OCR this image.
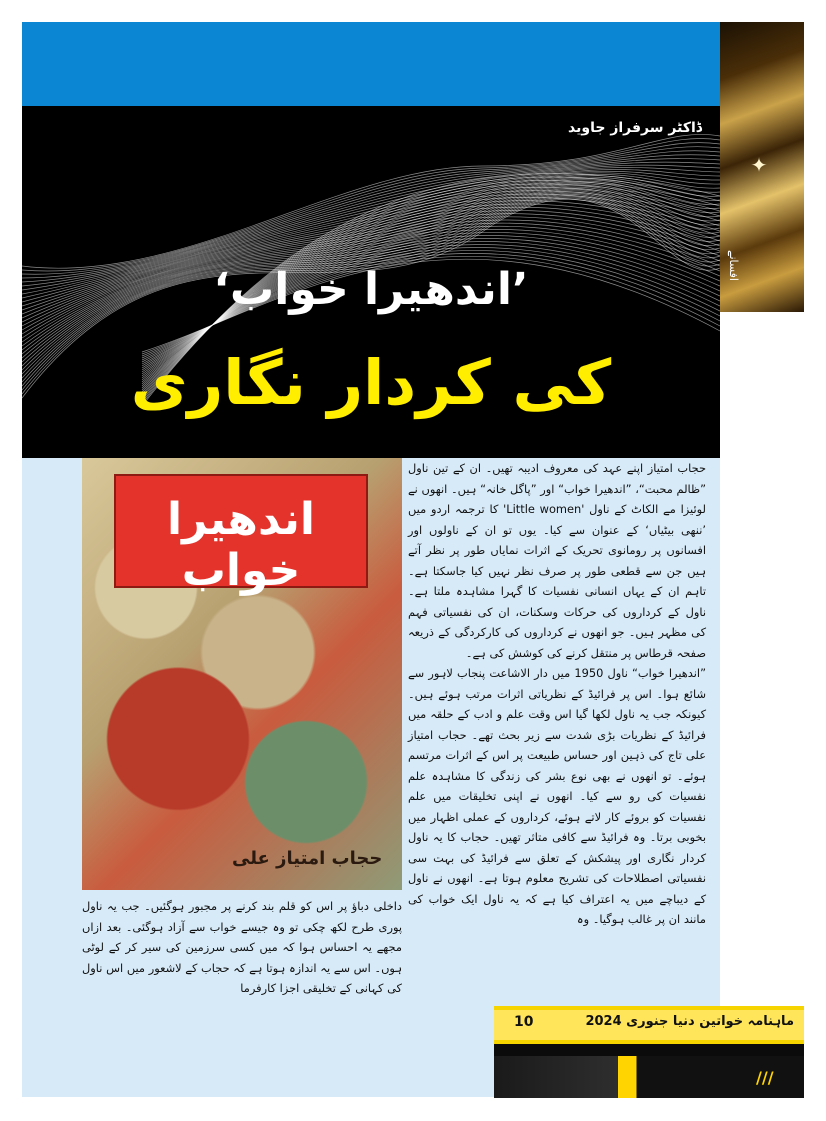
✦
افسانے
ڈاکٹر سرفراز جاوید
’اندھیرا خواب‘
کی کردار نگاری
اندھیرا خواب
حجاب امتیاز علی

حجاب امتیاز اپنے عہد کی معروف ادیبہ تھیں۔ ان کے تین ناول ”ظالم محبت“، ”اندھیرا خواب“ اور ”پاگل خانہ“ ہیں۔ انھوں نے لوئیزا مے الکاٹ کے ناول 'Little women' کا ترجمہ اردو میں ’ننھی بیٹیاں‘ کے عنوان سے کیا۔ یوں تو ان کے ناولوں اور افسانوں پر رومانوی تحریک کے اثرات نمایاں طور پر نظر آتے ہیں جن سے قطعی طور پر صرف نظر نہیں کیا جاسکتا ہے۔ تاہم ان کے یہاں انسانی نفسیات کا گہرا مشاہدہ ملتا ہے۔ ناول کے کرداروں کی حرکات وسکنات، ان کی نفسیاتی فہم کی مظہر ہیں۔ جو انھوں نے کرداروں کی کارکردگی کے ذریعہ صفحہ قرطاس پر منتقل کرنے کی کوشش کی ہے۔

”اندھیرا خواب“ ناول 1950 میں دار الاشاعت پنجاب لاہور سے شائع ہوا۔ اس پر فرائیڈ کے نظریاتی اثرات مرتب ہوئے ہیں۔ کیونکہ جب یہ ناول لکھا گیا اس وقت علم و ادب کے حلقہ میں فرائیڈ کے نظریات بڑی شدت سے زیر بحث تھے۔ حجاب امتیاز علی تاج کی ذہین اور حساس طبیعت پر اس کے اثرات مرتسم ہوئے۔ تو انھوں نے بھی نوع بشر کی زندگی کا مشاہدہ علم نفسیات کی رو سے کیا۔ انھوں نے اپنی تخلیقات میں علم نفسیات کو بروئے کار لاتے ہوئے، کرداروں کے عملی اظہار میں بخوبی برتا۔ وہ فرائیڈ سے کافی متاثر تھیں۔ حجاب کا یہ ناول کردار نگاری اور پیشکش کے تعلق سے فرائیڈ کی بہت سی نفسیاتی اصطلاحات کی تشریح معلوم ہوتا ہے۔ انھوں نے ناول کے دیباچے میں یہ اعتراف کیا ہے کہ یہ ناول ایک خواب کی مانند ان پر غالب ہوگیا۔ وہ

داخلی دباؤ پر اس کو قلم بند کرنے پر مجبور ہوگئیں۔ جب یہ ناول پوری طرح لکھ چکی تو وہ جیسے خواب سے آزاد ہوگئی۔ بعد ازاں مجھے یہ احساس ہوا کہ میں کسی سرزمین کی سیر کر کے لوٹی ہوں۔ اس سے یہ اندازہ ہوتا ہے کہ حجاب کے لاشعور میں اس ناول کی کہانی کے تخلیقی اجزا کارفرما
ماہنامہ خواتین دنیا جنوری 2024
10
///
